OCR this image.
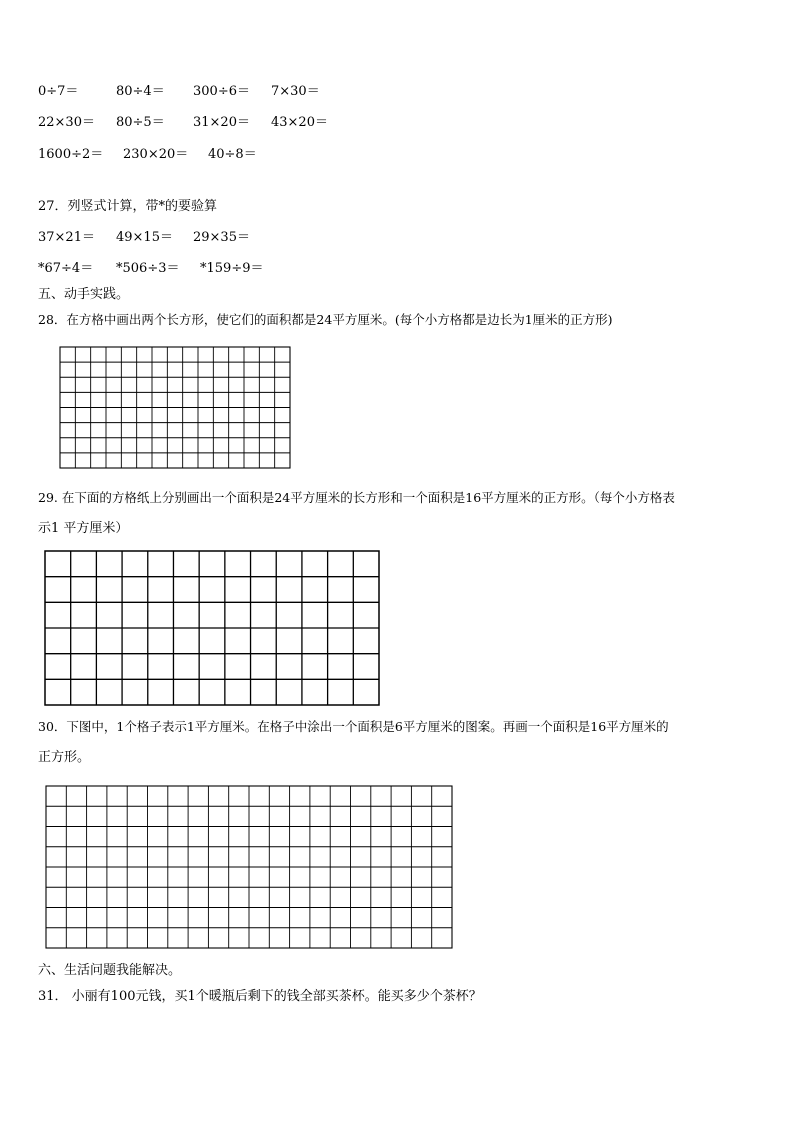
0÷7＝	80÷4＝ 300÷6＝ 7×30＝
22×30＝ 80÷5＝ 31×20＝ 43×20＝
1600÷2＝ 230×20＝ 40÷8＝
27．列竖式计算，带*的要验算
37×21＝ 49×15＝ 29×35＝
*67÷4＝ *506÷3＝ *159÷9＝
五、动手实践。
28．在方格中画出两个长方形，使它们的面积都是24平方厘米。(每个小方格都是边长为1厘米的正方形)
29. 在下面的方格纸上分别画出一个面积是24平方厘米的长方形和一个面积是16平方厘米的正方形。（每个小方格表
示1 平方厘米）
30．下图中，1个格子表示1平方厘米。在格子中涂出一个面积是6平方厘米的图案。再画一个面积是16平方厘米的
正方形。
六、生活问题我能解决。
31． 小丽有100元钱，买1个暖瓶后剩下的钱全部买茶杯。能买多少个茶杯？
